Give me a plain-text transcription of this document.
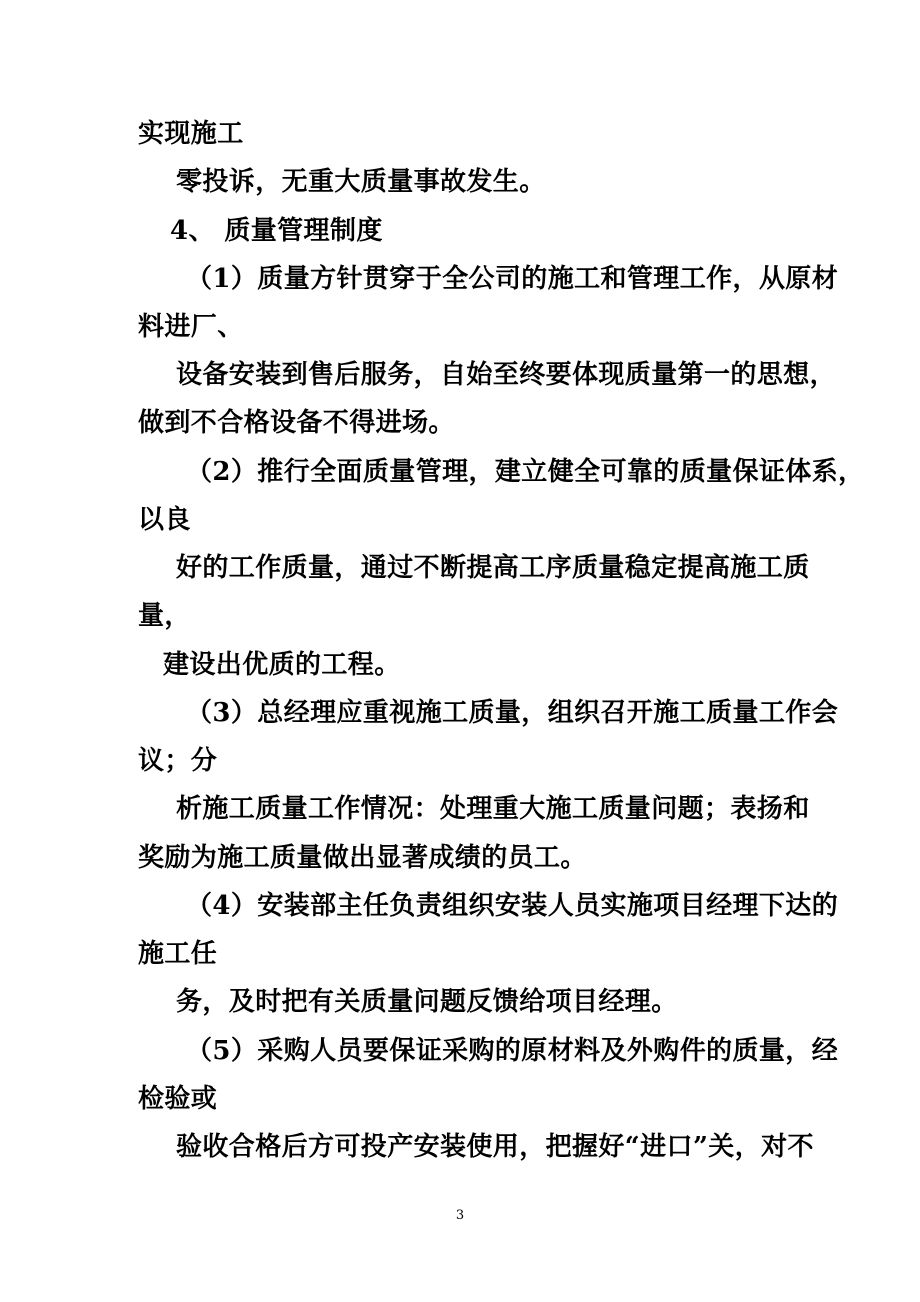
实现施工
零投诉，无重大质量事故发生。
4、 质量管理制度
（1）质量方针贯穿于全公司的施工和管理工作，从原材
料进厂、
设备安装到售后服务，自始至终要体现质量第一的思想，
做到不合格设备不得进场。
（2）推行全面质量管理，建立健全可靠的质量保证体系，
以良
好的工作质量，通过不断提高工序质量稳定提高施工质
量，
建设出优质的工程。
（3）总经理应重视施工质量，组织召开施工质量工作会
议；分
析施工质量工作情况：处理重大施工质量问题；表扬和
奖励为施工质量做出显著成绩的员工。
（4）安装部主任负责组织安装人员实施项目经理下达的
施工任
务，及时把有关质量问题反馈给项目经理。
（5）采购人员要保证采购的原材料及外购件的质量，经
检验或
验收合格后方可投产安装使用，把握好“进口”关，对不
3
